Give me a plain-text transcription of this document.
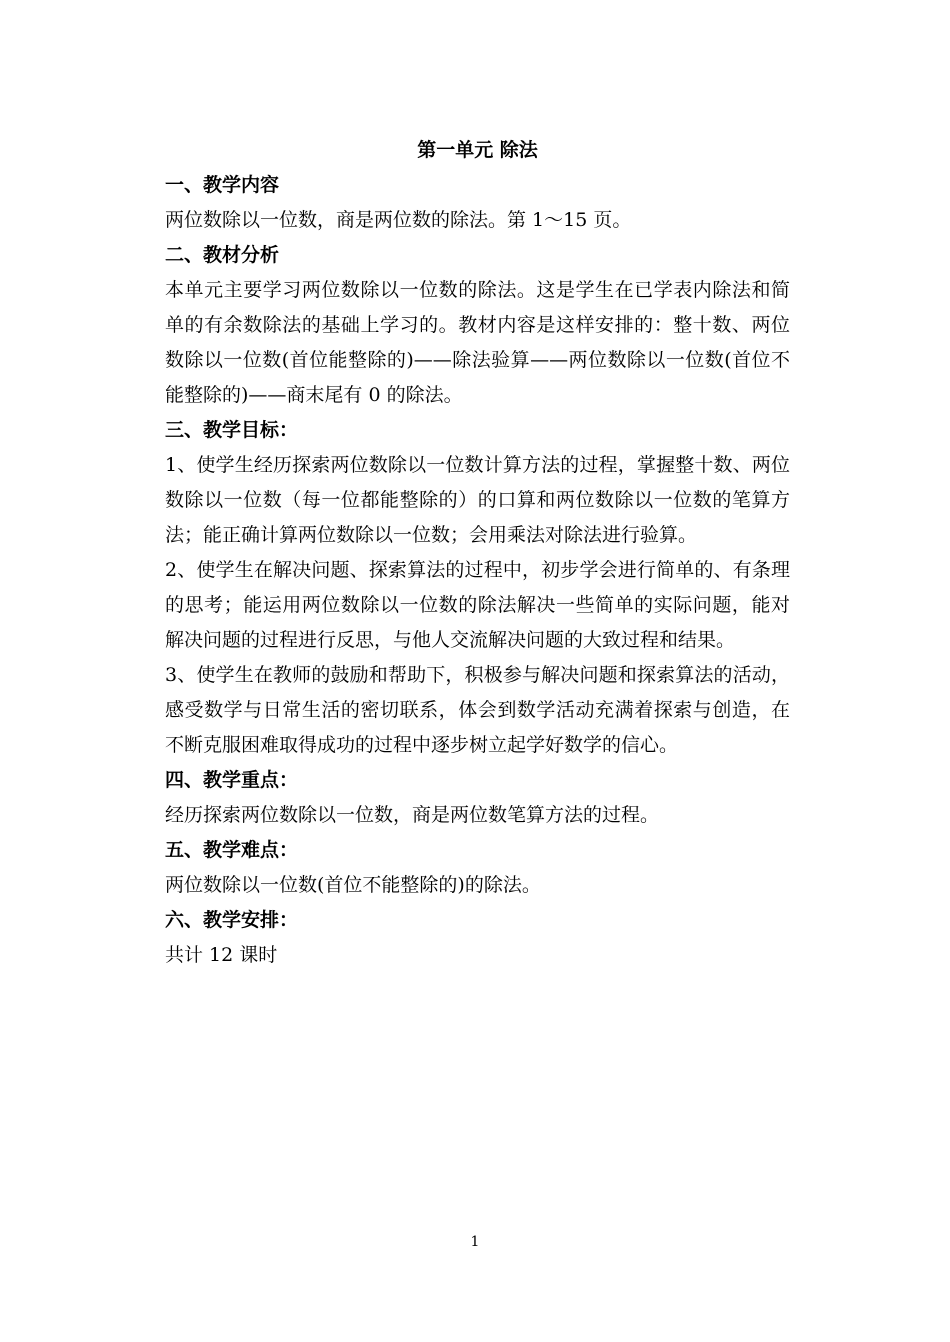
第一单元 除法
一、教学内容

两位数除以一位数，商是两位数的除法。第 1～15 页。

二、教材分析

本单元主要学习两位数除以一位数的除法。这是学生在已学表内除法和简单的有余数除法的基础上学习的。教材内容是这样安排的：整十数、两位数除以一位数(首位能整除的)——除法验算——两位数除以一位数(首位不能整除的)——商末尾有 0 的除法。

三、教学目标：

1、使学生经历探索两位数除以一位数计算方法的过程，掌握整十数、两位数除以一位数（每一位都能整除的）的口算和两位数除以一位数的笔算方法；能正确计算两位数除以一位数；会用乘法对除法进行验算。

2、使学生在解决问题、探索算法的过程中，初步学会进行简单的、有条理的思考；能运用两位数除以一位数的除法解决一些简单的实际问题，能对解决问题的过程进行反思，与他人交流解决问题的大致过程和结果。

3、使学生在教师的鼓励和帮助下，积极参与解决问题和探索算法的活动，感受数学与日常生活的密切联系，体会到数学活动充满着探索与创造，在不断克服困难取得成功的过程中逐步树立起学好数学的信心。

四、教学重点：

经历探索两位数除以一位数，商是两位数笔算方法的过程。

五、教学难点：

两位数除以一位数(首位不能整除的)的除法。

六、教学安排：

共计 12 课时

1
